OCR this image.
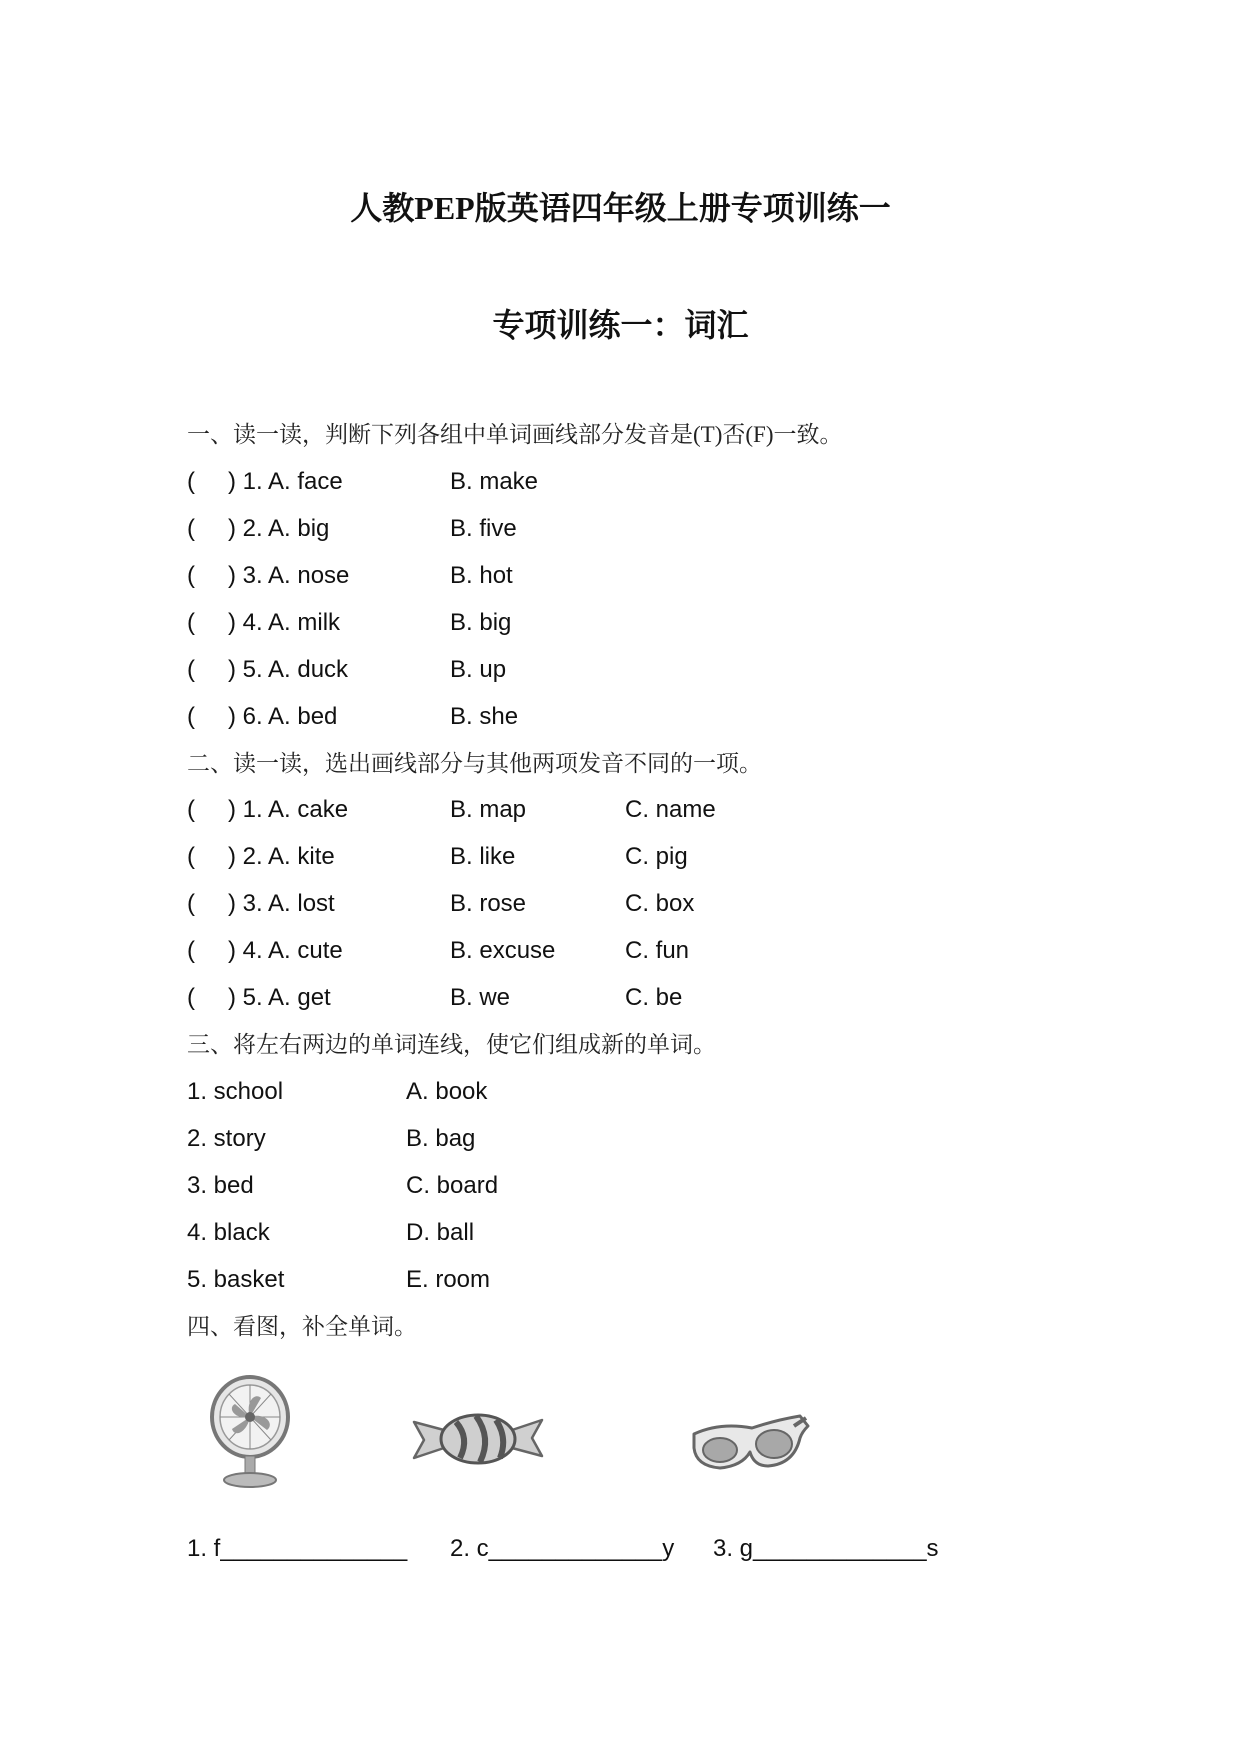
人教PEP版英语四年级上册专项训练一
专项训练一：词汇
一、读一读，判断下列各组中单词画线部分发音是(T)否(F)一致。
( ) 1. A. face	B. make
( ) 2. A. big	B. five
( ) 3. A. nose	B. hot
( ) 4. A. milk	B. big
( ) 5. A. duck	B. up
( ) 6. A. bed	B. she
二、读一读，选出画线部分与其他两项发音不同的一项。
( ) 1. A. cake	B. map	C. name
( ) 2. A. kite	B. like	C. pig
( ) 3. A. lost	B. rose	C. box
( ) 4. A. cute	B. excuse	C. fun
( ) 5. A. get	B. we	C. be
三、将左右两边的单词连线，使它们组成新的单词。
1. school	A. book
2. story	B. bag
3. bed	C. board
4. black	D. ball
5. basket	E. room
四、看图，补全单词。
1. f______________ 2. c_____________y 3. g_____________s
